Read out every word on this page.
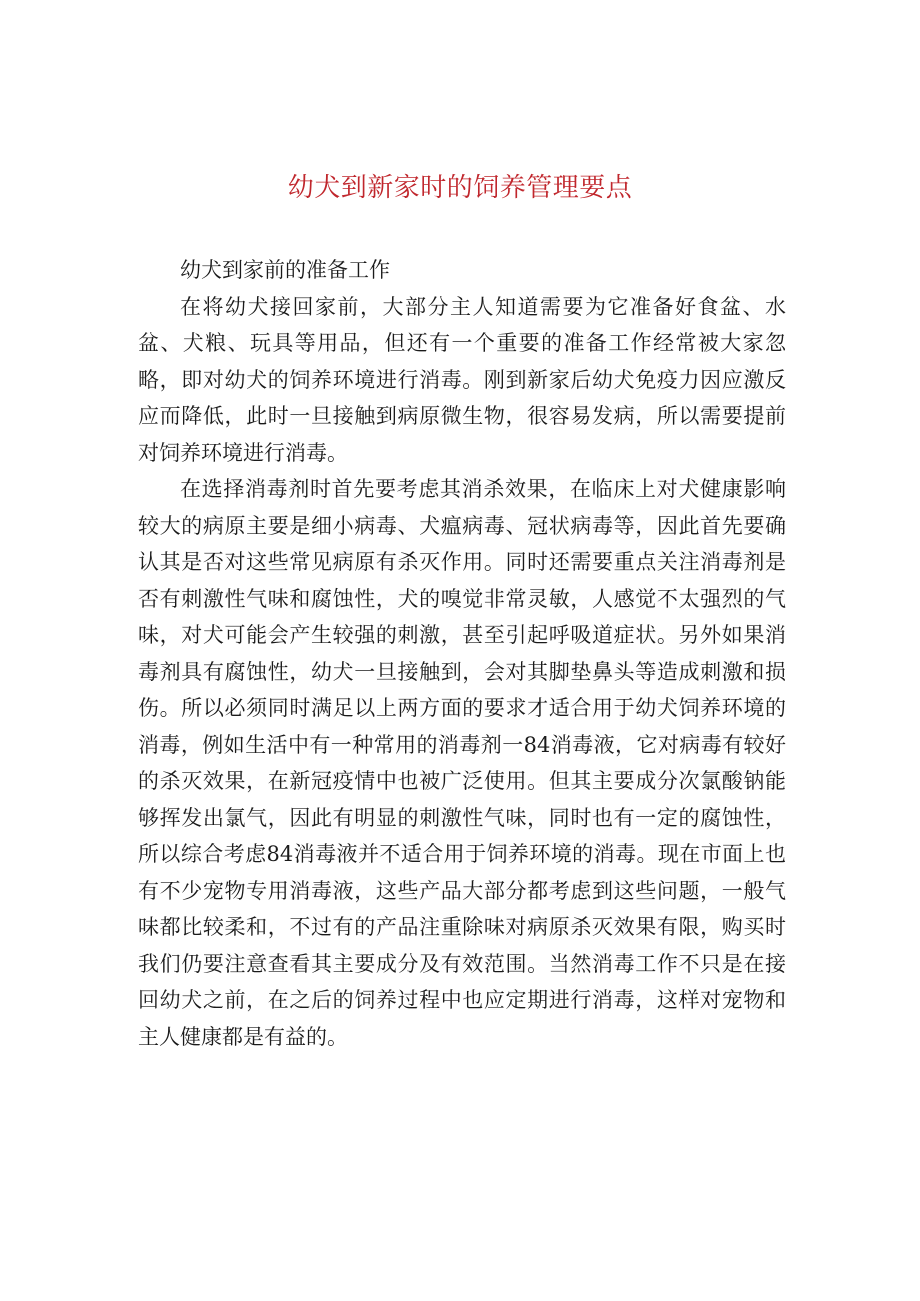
幼犬到新家时的饲养管理要点

幼犬到家前的准备工作

在将幼犬接回家前，大部分主人知道需要为它准备好食盆、水盆、犬粮、玩具等用品，但还有一个重要的准备工作经常被大家忽略，即对幼犬的饲养环境进行消毒。刚到新家后幼犬免疫力因应激反应而降低，此时一旦接触到病原微生物，很容易发病，所以需要提前对饲养环境进行消毒。

在选择消毒剂时首先要考虑其消杀效果，在临床上对犬健康影响较大的病原主要是细小病毒、犬瘟病毒、冠状病毒等，因此首先要确认其是否对这些常见病原有杀灭作用。同时还需要重点关注消毒剂是否有刺激性气味和腐蚀性，犬的嗅觉非常灵敏，人感觉不太强烈的气味，对犬可能会产生较强的刺激，甚至引起呼吸道症状。另外如果消毒剂具有腐蚀性，幼犬一旦接触到，会对其脚垫鼻头等造成刺激和损伤。所以必须同时满足以上两方面的要求才适合用于幼犬饲养环境的消毒，例如生活中有一种常用的消毒剂一84消毒液，它对病毒有较好的杀灭效果，在新冠疫情中也被广泛使用。但其主要成分次氯酸钠能够挥发出氯气，因此有明显的刺激性气味，同时也有一定的腐蚀性，所以综合考虑84消毒液并不适合用于饲养环境的消毒。现在市面上也有不少宠物专用消毒液，这些产品大部分都考虑到这些问题，一般气味都比较柔和，不过有的产品注重除味对病原杀灭效果有限，购买时我们仍要注意查看其主要成分及有效范围。当然消毒工作不只是在接回幼犬之前，在之后的饲养过程中也应定期进行消毒，这样对宠物和主人健康都是有益的。
